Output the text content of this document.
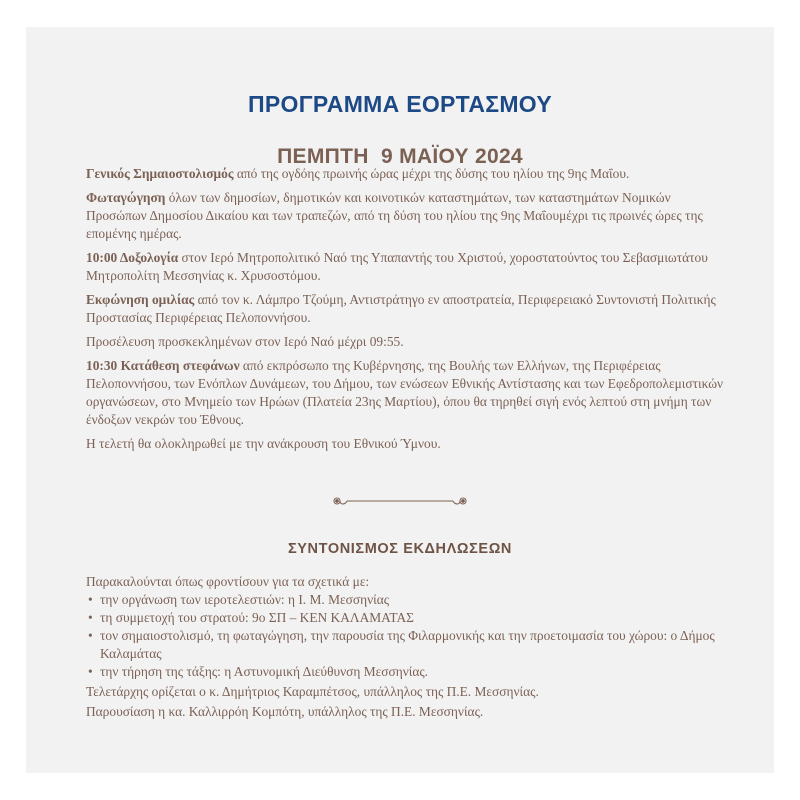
ΠΡΟΓΡΑΜΜΑ ΕΟΡΤΑΣΜΟΥ
ΠΕΜΠΤΗ  9 ΜΑΪΟΥ 2024

Γενικός Σημαιοστολισμός από της ογδόης πρωινής ώρας μέχρι της δύσης του ηλίου της 9ης Μαΐου.

Φωταγώγηση όλων των δημοσίων, δημοτικών και κοινοτικών καταστημάτων, των καταστημάτων Νομικών Προσώπων Δημοσίου Δικαίου και των τραπεζών, από τη δύση του ηλίου της 9ης Μαΐουμέχρι τις πρωινές ώρες της επομένης ημέρας.

10:00 Δοξολογία στον Ιερό Μητροπολιτικό Ναό της Υπαπαντής του Χριστού, χοροστατούντος του Σεβασμιωτάτου Μητροπολίτη Μεσσηνίας κ. Χρυσοστόμου.

Εκφώνηση ομιλίας από τον κ. Λάμπρο Τζούμη, Αντιστράτηγο εν αποστρατεία, Περιφερειακό Συντονιστή Πολιτικής Προστασίας Περιφέρειας Πελοποννήσου.

Προσέλευση προσκεκλημένων στον Ιερό Ναό μέχρι 09:55.

10:30 Κατάθεση στεφάνων από εκπρόσωπο της Κυβέρνησης, της Βουλής των Ελλήνων, της Περιφέρειας Πελοποννήσου, των Ενόπλων Δυνάμεων, του Δήμου, των ενώσεων Εθνικής Αντίστασης και των Εφεδροπολεμιστικών οργανώσεων, στο Μνημείο των Ηρώων (Πλατεία 23ης Μαρτίου), όπου θα τηρηθεί σιγή ενός λεπτού στη μνήμη των ένδοξων νεκρών του Έθνους.

Η τελετή θα ολοκληρωθεί με την ανάκρουση του Εθνικού Ύμνου.

ΣΥΝΤΟΝΙΣΜΟΣ ΕΚΔΗΛΩΣΕΩΝ

Παρακαλούνται όπως φροντίσουν για τα σχετικά με:

• την οργάνωση των ιεροτελεστιών: η Ι. Μ. Μεσσηνίας
• τη συμμετοχή του στρατού: 9ο ΣΠ – ΚΕΝ ΚΑΛΑΜΑΤΑΣ
• τον σημαιοστολισμό, τη φωταγώγηση, την παρουσία της Φιλαρμονικής και την προετοιμασία του χώρου: ο Δήμος Καλαμάτας
• την τήρηση της τάξης: η Αστυνομική Διεύθυνση Μεσσηνίας.

Τελετάρχης ορίζεται ο κ. Δημήτριος Καραμπέτσος, υπάλληλος της Π.Ε. Μεσσηνίας.

Παρουσίαση η κα. Καλλιρρόη Κομπότη, υπάλληλος της Π.Ε. Μεσσηνίας.
